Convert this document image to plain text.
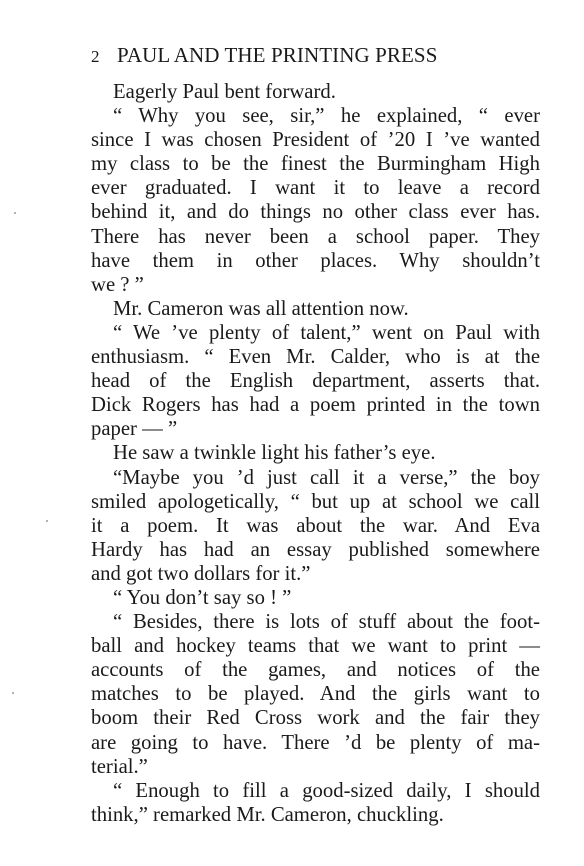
2 PAUL AND THE PRINTING PRESS
Eagerly Paul bent forward.
“ Why you see, sir,” he explained, “ ever
since I was chosen President of ’20 I ’ve wanted
my class to be the finest the Burmingham High
ever graduated. I want it to leave a record
behind it, and do things no other class ever has.
There has never been a school paper. They
have them in other places. Why shouldn’t
we ? ”
Mr. Cameron was all attention now.
“ We ’ve plenty of talent,” went on Paul with
enthusiasm. “ Even Mr. Calder, who is at the
head of the English department, asserts that.
Dick Rogers has had a poem printed in the town
paper — ”
He saw a twinkle light his father’s eye.
“Maybe you ’d just call it a verse,” the boy
smiled apologetically, “ but up at school we call
it a poem. It was about the war. And Eva
Hardy has had an essay published somewhere
and got two dollars for it.”
“ You don’t say so ! ”
“ Besides, there is lots of stuff about the foot-
ball and hockey teams that we want to print —
accounts of the games, and notices of the
matches to be played. And the girls want to
boom their Red Cross work and the fair they
are going to have. There ’d be plenty of ma-
terial.”
“ Enough to fill a good-sized daily, I should
think,” remarked Mr. Cameron, chuckling.
